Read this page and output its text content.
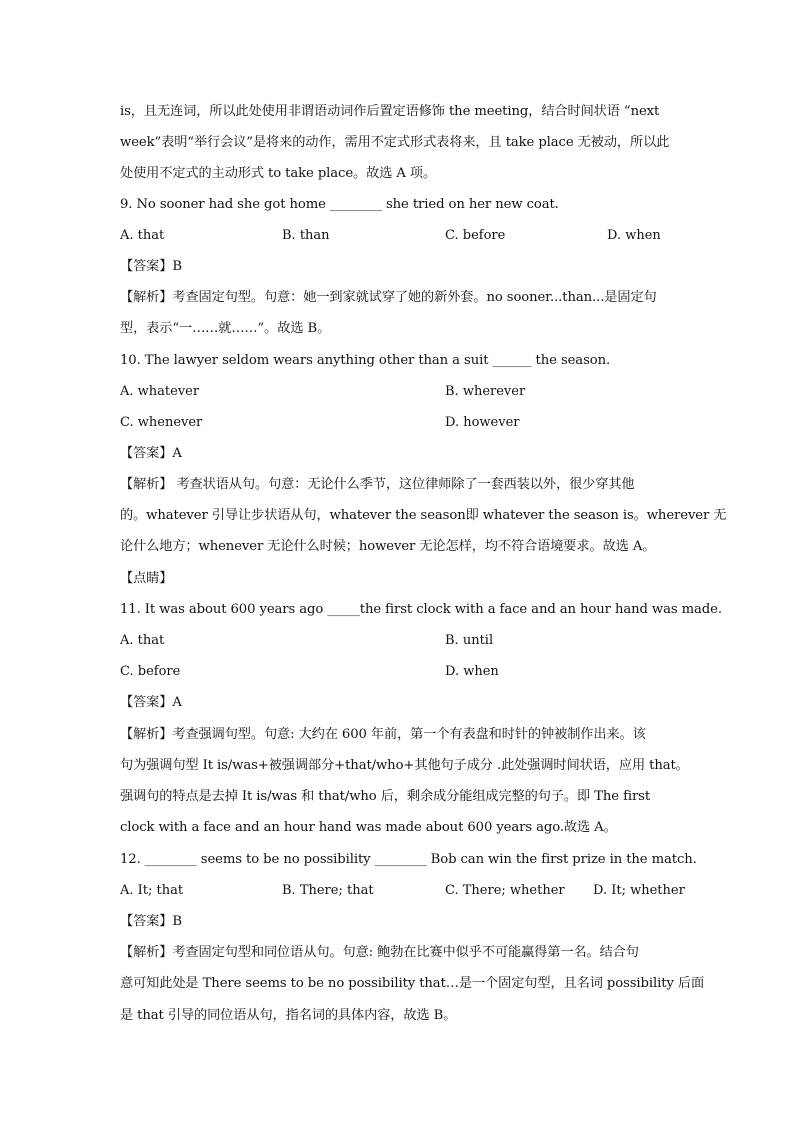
is，且无连词，所以此处使用非谓语动词作后置定语修饰 the meeting，结合时间状语 “next
week”表明“举行会议”是将来的动作，需用不定式形式表将来，且 take place 无被动，所以此
处使用不定式的主动形式 to take place。故选 A 项。
9. No sooner had she got home ________ she tried on her new coat.
A. that	B. than	C. before	D. when
【答案】B
【解析】考查固定句型。句意：她一到家就试穿了她的新外套。no sooner...than...是固定句
型，表示“一……就……”。故选 B。
10. The lawyer seldom wears anything other than a suit ______ the season.
A. whatever	B. wherever
C. whenever	D. however
【答案】A
【解析】 考查状语从句。句意：无论什么季节，这位律师除了一套西装以外，很少穿其他
的。whatever 引导让步状语从句，whatever the season即 whatever the season is。wherever 无
论什么地方；whenever 无论什么时候；however 无论怎样，均不符合语境要求。故选 A。
【点睛】
11. It was about 600 years ago _____the first clock with a face and an hour hand was made.
A. that	B. until
C. before	D. when
【答案】A
【解析】考查强调句型。句意: 大约在 600 年前，第一个有表盘和时针的钟被制作出来。该
句为强调句型 It is/was+被强调部分+that/who+其他句子成分 .此处强调时间状语，应用 that。
强调句的特点是去掉 It is/was 和 that/who 后，剩余成分能组成完整的句子。即 The first
clock with a face and an hour hand was made about 600 years ago.故选 A。
12. ________ seems to be no possibility ________ Bob can win the first prize in the match.
A. It; that	B. There; that	C. There; whether D. It; whether
【答案】B
【解析】考查固定句型和同位语从句。句意: 鲍勃在比赛中似乎不可能赢得第一名。结合句
意可知此处是 There seems to be no possibility that…是一个固定句型，且名词 possibility 后面
是 that 引导的同位语从句，指名词的具体内容，故选 B。
